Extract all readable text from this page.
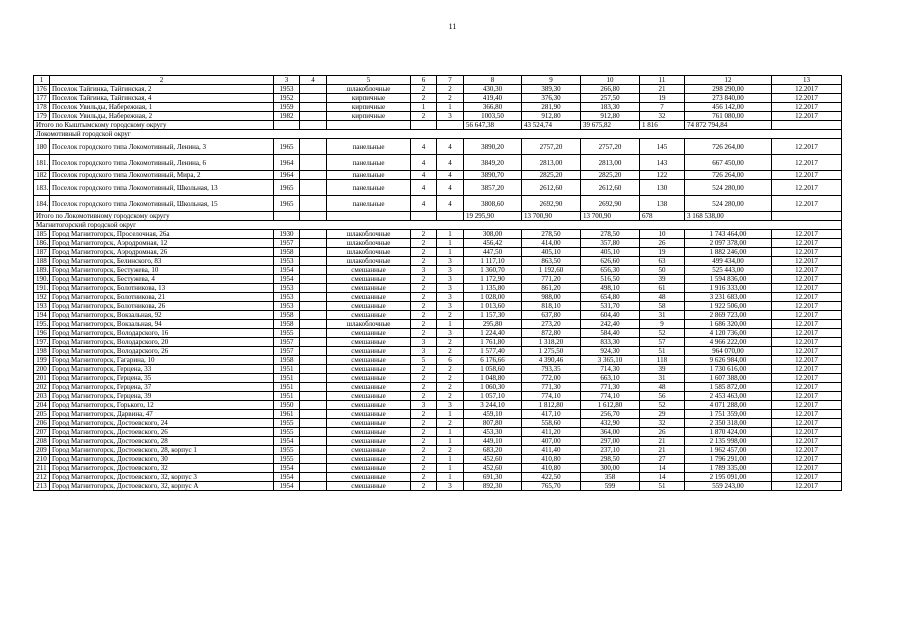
11
1	2	3	4	5	6	7	8	9	10	11	12	13
176	Поселок Тайгинка, Тайгинская, 2	1953		шлакоблочные	2	2	430,30	389,30	266,80	21	298 290,00	12.2017
177	Поселок Тайгинка, Тайгинская, 4	1952		кирпичные	2	2	419,40	376,30	257,50	19	273 840,00	12.2017
178	Поселок Увильды, Набережная, 1	1959		кирпичные	1	1	366,80	281,90	183,30	7	456 142,00	12.2017
179	Поселок Увильды, Набережная, 2	1982		кирпичные	2	3	1003,50	912,80	912,80	32	761 080,00	12.2017
Итого по Кыштымскому городскому округу							56 647,38	43 524,74	39 675,82	1 816	74 872 794,84	
Локомотивный городской округ												
180	Поселок городского типа Локомотивный, Ленина, 3	1965		панельные	4	4	3890,20	2757,20	2757,20	145	726 264,00	12.2017
181.	Поселок городского типа Локомотивный, Ленина, 6	1964		панельные	4	4	3849,20	2813,00	2813,00	143	667 450,00	12.2017
182	Поселок городского типа Локомотивный, Мира, 2	1964		панельные	4	4	3890,70	2825,20	2825,20	122	726 264,00	12.2017
183.	Поселок городского типа Локомотивный, Школьная, 13	1965		панельные	4	4	3857,20	2612,60	2612,60	130	524 280,00	12.2017
184.	Поселок городского типа Локомотивный, Школьная, 15	1965		панельные	4	4	3808,60	2692,90	2692,90	138	524 280,00	12.2017
Итого по Локомотивному городскому округу							19 295,90	13 700,90	13 700,90	678	3 168 538,00	
Магнитогорский городской округ												
185	Город Магнитогорск, Проселочная, 26а	1930		шлакоблочные	2	1	308,00	278,50	278,50	10	1 743 464,00	12.2017
186.	Город Магнитогорск, Аэродромная, 12	1957		шлакоблочные	2	1	456,42	414,00	357,80	26	2 097 378,00	12.2017
187	Город Магнитогорск, Аэродромная, 26	1958		шлакоблочные	2	1	447,50	405,10	405,10	19	1 882 246,00	12.2017
188	Город Магнитогорск, Белинского, 83	1953		шлакоблочные	2	3	1 117,10	863,50	626,60	63	499 434,00	12.2017
189.	Город Магнитогорск, Бестужева, 10	1954		смешанные	3	3	1 360,70	1 192,60	656,30	50	525 443,00	12.2017
190.	Город Магнитогорск, Бестужева, 4	1954		смешанные	2	3	1 172,90	771,20	516,50	39	1 594 836,00	12.2017
191.	Город Магнитогорск, Болотникова, 13	1953		смешанные	2	3	1 135,80	861,20	498,10	61	1 916 333,00	12.2017
192	Город Магнитогорск, Болотникова, 21	1953		смешанные	2	3	1 028,00	988,00	654,80	48	3 231 683,00	12.2017
193	Город Магнитогорск, Болотникова, 26	1953		смешанные	2	3	1 013,60	818,10	531,70	58	1 922 506,00	12.2017
194	Город Магнитогорск, Вокзальная, 92	1958		смешанные	2	2	1 157,30	637,80	604,40	31	2 869 723,00	12.2017
195.	Город Магнитогорск, Вокзальная, 94	1958		шлакоблочные	2	1	295,80	273,20	242,40	9	1 686 320,00	12.2017
196	Город Магнитогорск, Володарского, 16	1955		смешанные	2	3	1 224,40	872,80	584,40	52	4 120 736,00	12.2017
197.	Город Магнитогорск, Володарского, 20	1957		смешанные	3	2	1 761,80	1 318,20	833,30	57	4 966 222,00	12.2017
198	Город Магнитогорск, Володарского, 26	1957		смешанные	3	2	1 577,40	1 275,50	924,30	51	964 070,00	12.2017
199	Город Магнитогорск, Гагарина, 10	1958		смешанные	5	6	6 176,66	4 390,46	3 365,10	118	9 626 984,00	12.2017
200	Город Магнитогорск, Герцена, 33	1951		смешанные	2	2	1 058,60	793,35	714,30	39	1 730 616,00	12.2017
201	Город Магнитогорск, Герцена, 35	1951		смешанные	2	2	1 048,80	772,00	663,10	31	1 607 388,00	12.2017
202	Город Магнитогорск, Герцена, 37	1951		смешанные	2	2	1 060,30	771,30	771,30	48	1 585 872,00	12.2017
203	Город Магнитогорск, Герцена, 39	1951		смешанные	2	2	1 057,10	774,10	774,10	56	2 453 463,00	12.2017
204	Город Магнитогорск, Горького, 12	1950		смешанные	3	3	3 244,10	1 812,80	1 612,80	52	4 071 288,00	12.2017
205	Город Магнитогорск, Дарвина, 47	1961		смешанные	2	1	459,10	417,10	256,70	29	1 751 359,00	12.2017
206	Город Магнитогорск, Достоевского, 24	1955		смешанные	2	2	807,80	558,60	432,90	32	2 350 318,00	12.2017
207	Город Магнитогорск, Достоевского, 26	1955		смешанные	2	1	453,30	411,20	364,00	26	1 870 424,00	12.2017
208	Город Магнитогорск, Достоевского, 28	1954		смешанные	2	1	449,10	407,00	297,00	21	2 135 998,00	12.2017
209	Город Магнитогорск, Достоевского, 28, корпус 1	1955		смешанные	2	2	683,20	411,40	237,10	21	1 962 457,00	12.2017
210	Город Магнитогорск, Достоевского, 30	1955		смешанные	2	1	452,60	410,80	298,50	27	1 796 291,00	12.2017
211	Город Магнитогорск, Достоевского, 32	1954		смешанные	2	1	452,60	410,80	300,00	14	1 789 335,00	12.2017
212	Город Магнитогорск, Достоевского, 32, корпус 3	1954		смешанные	2	1	691,30	422,50	358	14	2 195 091,00	12.2017
213	Город Магнитогорск, Достоевского, 32, корпус А	1954		смешанные	2	3	892,30	765,70	599	51	559 243,00	12.2017
